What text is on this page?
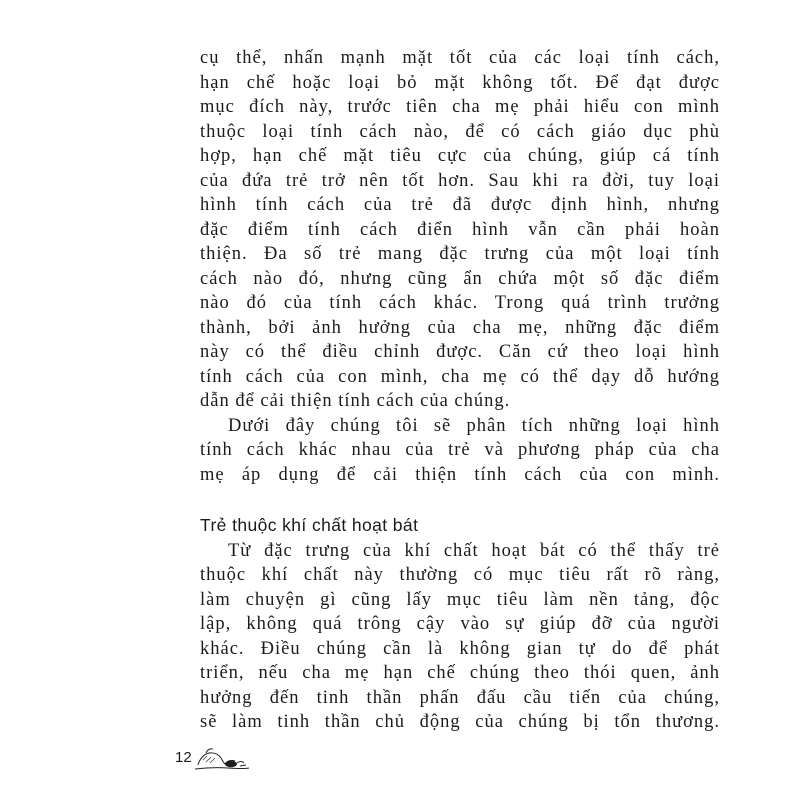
cụ thể, nhấn mạnh mặt tốt của các loại tính cách,
hạn chế hoặc loại bỏ mặt không tốt. Để đạt được
mục đích này, trước tiên cha mẹ phải hiểu con mình
thuộc loại tính cách nào, để có cách giáo dục phù
hợp, hạn chế mặt tiêu cực của chúng, giúp cá tính
của đứa trẻ trở nên tốt hơn. Sau khi ra đời, tuy loại
hình tính cách của trẻ đã được định hình, nhưng
đặc điểm tính cách điển hình vẫn cần phải hoàn
thiện. Đa số trẻ mang đặc trưng của một loại tính
cách nào đó, nhưng cũng ẩn chứa một số đặc điểm
nào đó của tính cách khác. Trong quá trình trưởng
thành, bởi ảnh hưởng của cha mẹ, những đặc điểm
này có thể điều chỉnh được. Căn cứ theo loại hình
tính cách của con mình, cha mẹ có thể dạy dỗ hướng
dẫn để cải thiện tính cách của chúng.
Dưới đây chúng tôi sẽ phân tích những loại hình
tính cách khác nhau của trẻ và phương pháp của cha
mẹ áp dụng để cải thiện tính cách của con mình.
Trẻ thuộc khí chất hoạt bát
Từ đặc trưng của khí chất hoạt bát có thể thấy trẻ
thuộc khí chất này thường có mục tiêu rất rõ ràng,
làm chuyện gì cũng lấy mục tiêu làm nền tảng, độc
lập, không quá trông cậy vào sự giúp đỡ của người
khác. Điều chúng cần là không gian tự do để phát
triển, nếu cha mẹ hạn chế chúng theo thói quen, ảnh
hưởng đến tinh thần phấn đấu cầu tiến của chúng,
sẽ làm tinh thần chủ động của chúng bị tổn thương.
12
